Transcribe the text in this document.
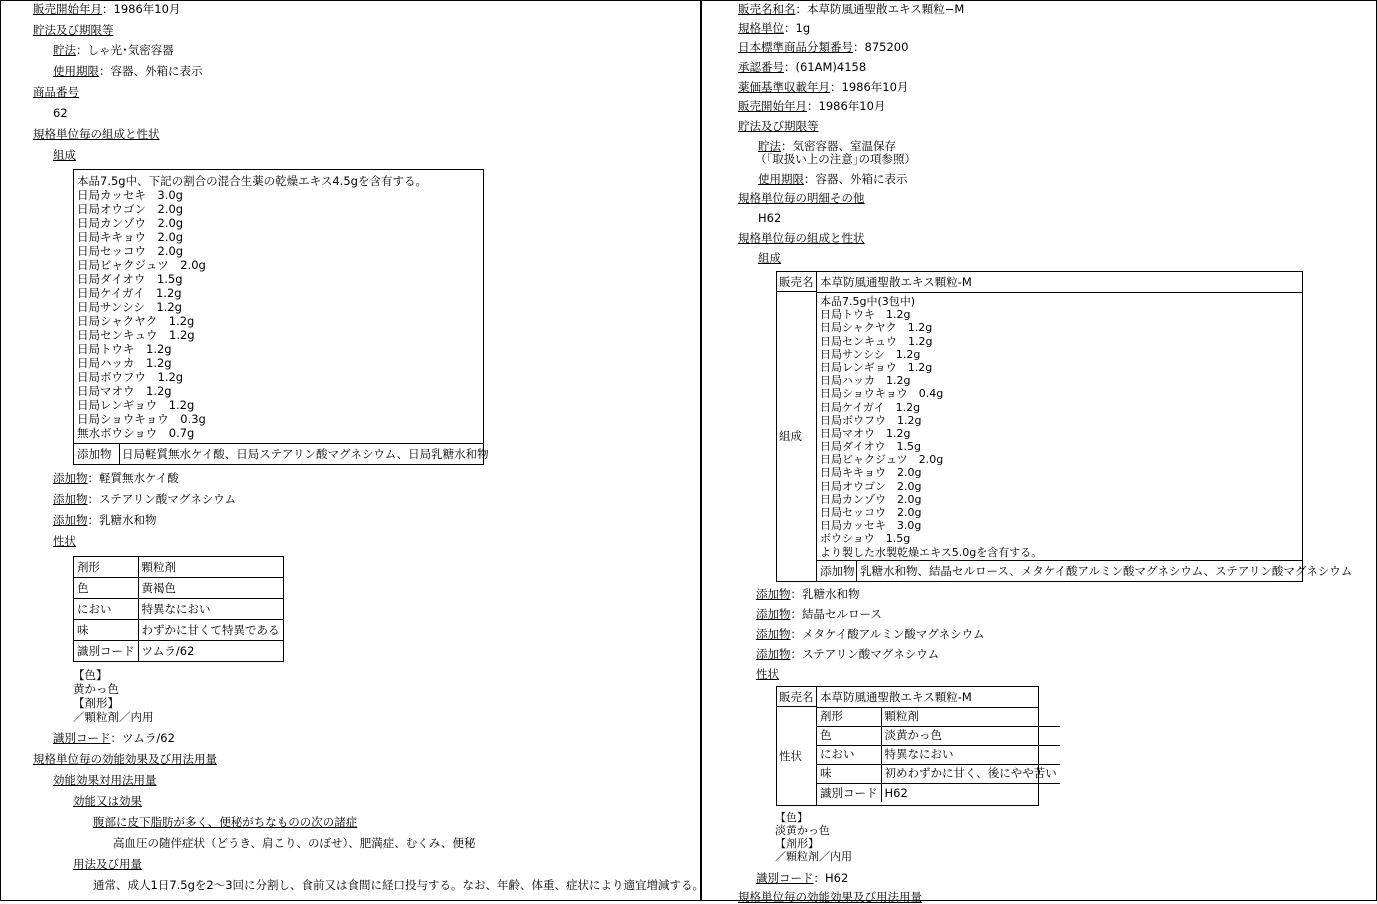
販売開始年月：1986年10月
貯法及び期限等
貯法：しゃ光･気密容器
使用期限：容器、外箱に表示
商品番号
62
規格単位毎の組成と性状
組成
本品7.5g中、下記の割合の混合生薬の乾燥エキス4.5gを含有する。
日局カッセキ　3.0g
日局オウゴン　2.0g
日局カンゾウ　2.0g
日局キキョウ　2.0g
日局セッコウ　2.0g
日局ビャクジュツ　2.0g
日局ダイオウ　1.5g
日局ケイガイ　1.2g
日局サンシシ　1.2g
日局シャクヤク　1.2g
日局センキュウ　1.2g
日局トウキ　1.2g
日局ハッカ　1.2g
日局ボウフウ　1.2g
日局マオウ　1.2g
日局レンギョウ　1.2g
日局ショウキョウ　0.3g
無水ボウショウ　0.7g
添加物 日局軽質無水ケイ酸、日局ステアリン酸マグネシウム、日局乳糖水和物
添加物：軽質無水ケイ酸
添加物：ステアリン酸マグネシウム
添加物：乳糖水和物
性状
剤形	顆粒剤
色	黄褐色
におい	特異なにおい
味	わずかに甘くて特異である
識別コード	ツムラ/62
【色】
黄かっ色
【剤形】
／顆粒剤／内用
識別コード：ツムラ/62
規格単位毎の効能効果及び用法用量
効能効果対用法用量
効能又は効果
腹部に皮下脂肪が多く、便秘がちなものの次の諸症
高血圧の随伴症状（どうき、肩こり、のぼせ）、肥満症、むくみ、便秘
用法及び用量
通常、成人1日7.5gを2～3回に分割し、食前又は食間に経口投与する。なお、年齢、体重、症状により適宜増減する。
販売名和名：本草防風通聖散エキス顆粒−M
規格単位：1g
日本標準商品分類番号：875200
承認番号：(61AM)4158
薬価基準収載年月：1986年10月
販売開始年月：1986年10月
貯法及び期限等
貯法：気密容器、室温保存
（｢取扱い上の注意｣の項参照）
使用期限：容器、外箱に表示
規格単位毎の明細その他
H62
規格単位毎の組成と性状
組成
販売名 本草防風通聖散エキス顆粒-M
組成
本品7.5g中(3包中)
日局トウキ　1.2g
日局シャクヤク　1.2g
日局センキュウ　1.2g
日局サンシシ　1.2g
日局レンギョウ　1.2g
日局ハッカ　1.2g
日局ショウキョウ　0.4g
日局ケイガイ　1.2g
日局ボウフウ　1.2g
日局マオウ　1.2g
日局ダイオウ　1.5g
日局ビャクジュツ　2.0g
日局キキョウ　2.0g
日局オウゴン　2.0g
日局カンゾウ　2.0g
日局セッコウ　2.0g
日局カッセキ　3.0g
ボウショウ　1.5g
より製した水製乾燥エキス5.0gを含有する。
添加物 乳糖水和物、結晶セルロース、メタケイ酸アルミン酸マグネシウム、ステアリン酸マグネシウム
添加物：乳糖水和物
添加物：結晶セルロース
添加物：メタケイ酸アルミン酸マグネシウム
添加物：ステアリン酸マグネシウム
性状
販売名 本草防風通聖散エキス顆粒-M
性状
剤形	顆粒剤
色	淡黄かっ色
におい	特異なにおい
味	初めわずかに甘く、後にやや苦い
識別コード	H62
【色】
淡黄かっ色
【剤形】
／顆粒剤／内用
識別コード：H62
規格単位毎の効能効果及び用法用量
